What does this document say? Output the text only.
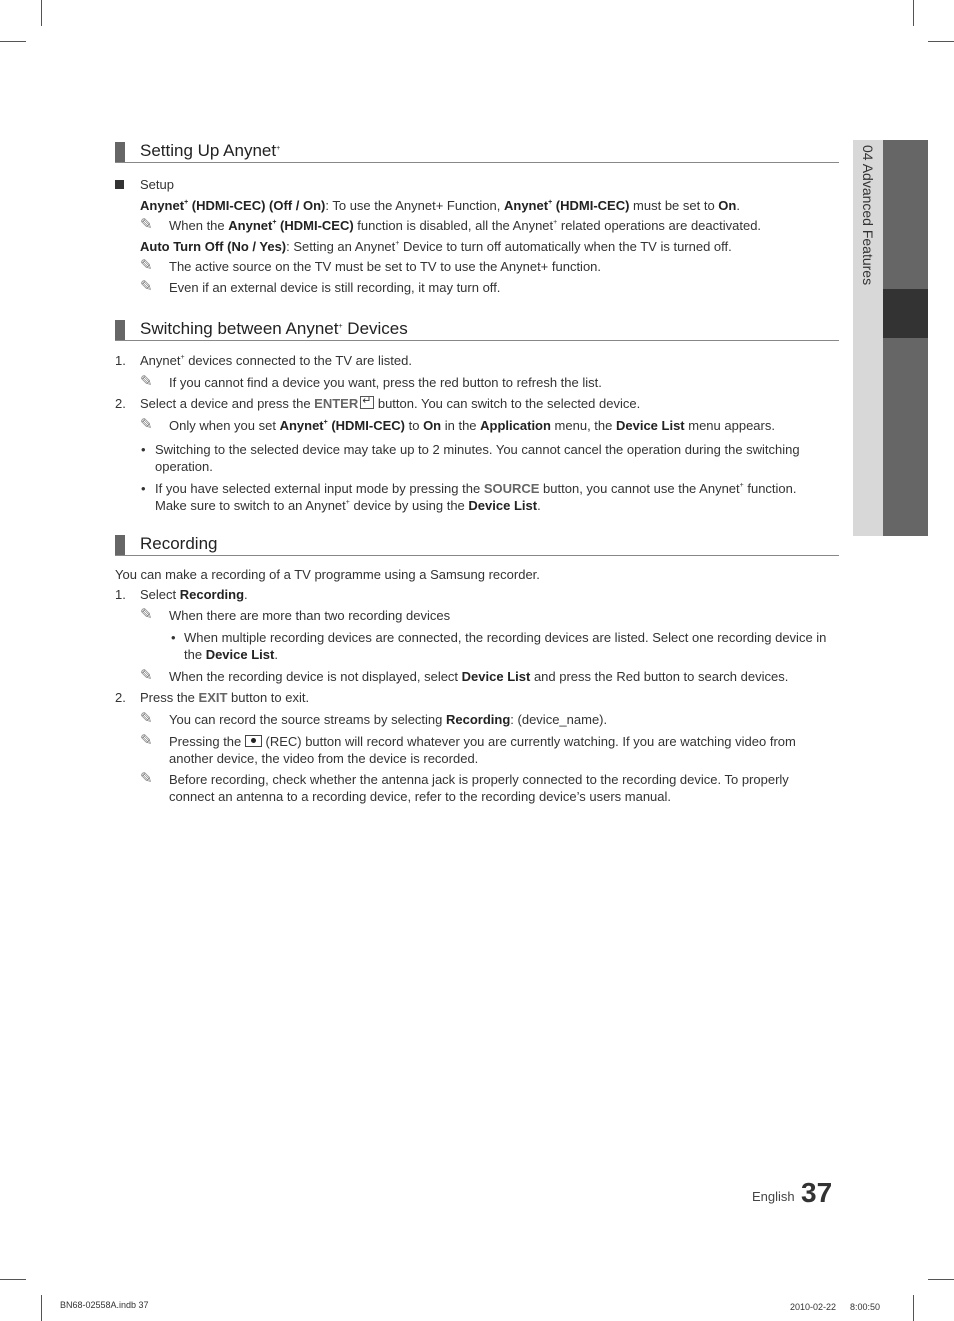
04 Advanced Features
Setting Up Anynet+
Setup
Anynet+ (HDMI-CEC) (Off / On): To use the Anynet+ Function, Anynet+ (HDMI-CEC) must be set to On.
✎ When the Anynet+ (HDMI-CEC) function is disabled, all the Anynet+ related operations are deactivated.
Auto Turn Off (No / Yes): Setting an Anynet+ Device to turn off automatically when the TV is turned off.
✎ The active source on the TV must be set to TV to use the Anynet+ function.
✎ Even if an external device is still recording, it may turn off.
Switching between Anynet+ Devices
1. Anynet+ devices connected to the TV are listed.
✎ If you cannot find a device you want, press the red button to refresh the list.
2. Select a device and press the ENTER↵ button. You can switch to the selected device.
✎ Only when you set Anynet+ (HDMI-CEC) to On in the Application menu, the Device List menu appears.
• Switching to the selected device may take up to 2 minutes. You cannot cancel the operation during the switching
operation.
• If you have selected external input mode by pressing the SOURCE button, you cannot use the Anynet+ function.
Make sure to switch to an Anynet+ device by using the Device List.
Recording
You can make a recording of a TV programme using a Samsung recorder.
1. Select Recording.
✎ When there are more than two recording devices
• When multiple recording devices are connected, the recording devices are listed. Select one recording device in
the Device List.
✎ When the recording device is not displayed, select Device List and press the Red button to search devices.
2. Press the EXIT button to exit.
✎ You can record the source streams by selecting Recording: (device_name).
✎ Pressing the  (REC) button will record whatever you are currently watching. If you are watching video from
another device, the video from the device is recorded.
✎ Before recording, check whether the antenna jack is properly connected to the recording device. To properly
connect an antenna to a recording device, refer to the recording device’s users manual.
English 37
BN68-02558A.indb 37	2010-02-22 　 8:00:50
